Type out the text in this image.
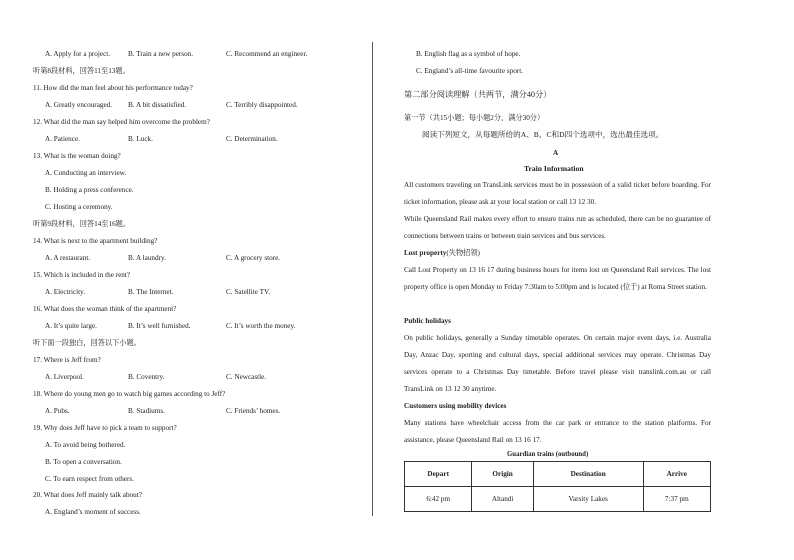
A. Apply for a project. B. Train a new person.	C. Recommend an engineer.
听第8段材料，回答11至13题。
11. How did the man feel about his performance today?
A. Greatly encouraged. B. A bit dissatisfied.	C. Terribly disappointed.
12. What did the man say helped him overcome the problem?
A. Patience.	B. Luck.	C. Determination.
13. What is the woman doing?
A. Conducting an interview.
B. Holding a press conference.
C. Hosting a ceremony.
听第9段材料，回答14至16题。
14. What is next to the apartment building?
A. A restaurant.	B. A laundry.	C. A grocery store.
15. Which is included in the rent?
A. Electricity.	B. The Internet.	C. Satellite TV.
16. What does the woman think of the apartment?
A. It’s quite large.	B. It’s well furnished.	C. It’s worth the money.
听下面一段独白，回答以下小题。
17. Where is Jeff from?
A. Liverpool.	B. Coventry.	C. Newcastle.
18. Where do young men go to watch big games according to Jeff?
A. Pubs.	B. Stadiums.	C. Friends’ homes.
19. Why does Jeff have to pick a team to support?
A. To avoid being bothered.
B. To open a conversation.
C. To earn respect from others.
20. What does Jeff mainly talk about?
A. England’s moment of success.
B. English flag as a symbol of hope.
C. England’s all-time favourite sport.
第二部分阅读理解（共两节，满分40分）
第一节（共15小题；每小题2分，满分30分）
阅读下列短文，从每题所给的A、B、C和D四个选项中，选出最佳选项。
A
Train Information
All customers traveling on TransLink services must be in possession of a valid ticket before boarding. For ticket information, please ask at your local station or call 13 12 30.
While Queensland Rail makes every effort to ensure trains run as scheduled, there can be no guarantee of connections between trains or between train services and bus services.
Lost property(失物招领)
Call Lost Property on 13 16 17 during business hours for items lost on Queensland Rail services. The lost property office is open Monday to Friday 7:30am to 5:00pm and is located (位于) at Roma Street station.
Public holidays
On public holidays, generally a Sunday timetable operates. On certain major event days, i.e. Australia Day, Anzac Day, sporting and cultural days, special additional services may operate. Christmas Day services operate to a Christmas Day timetable. Before travel please visit translink.com.au or call TransLink on 13 12 30 anytime.
Customers using mobility devices
Many stations have wheelchair access from the car park or entrance to the station platforms. For assistance, please Queensland Rail on 13 16 17.
Guardian trains (outbound)
Depart	Origin	Destination	Arrive
6:42 pm	Altandi	Varsity Lakes	7:37 pm
